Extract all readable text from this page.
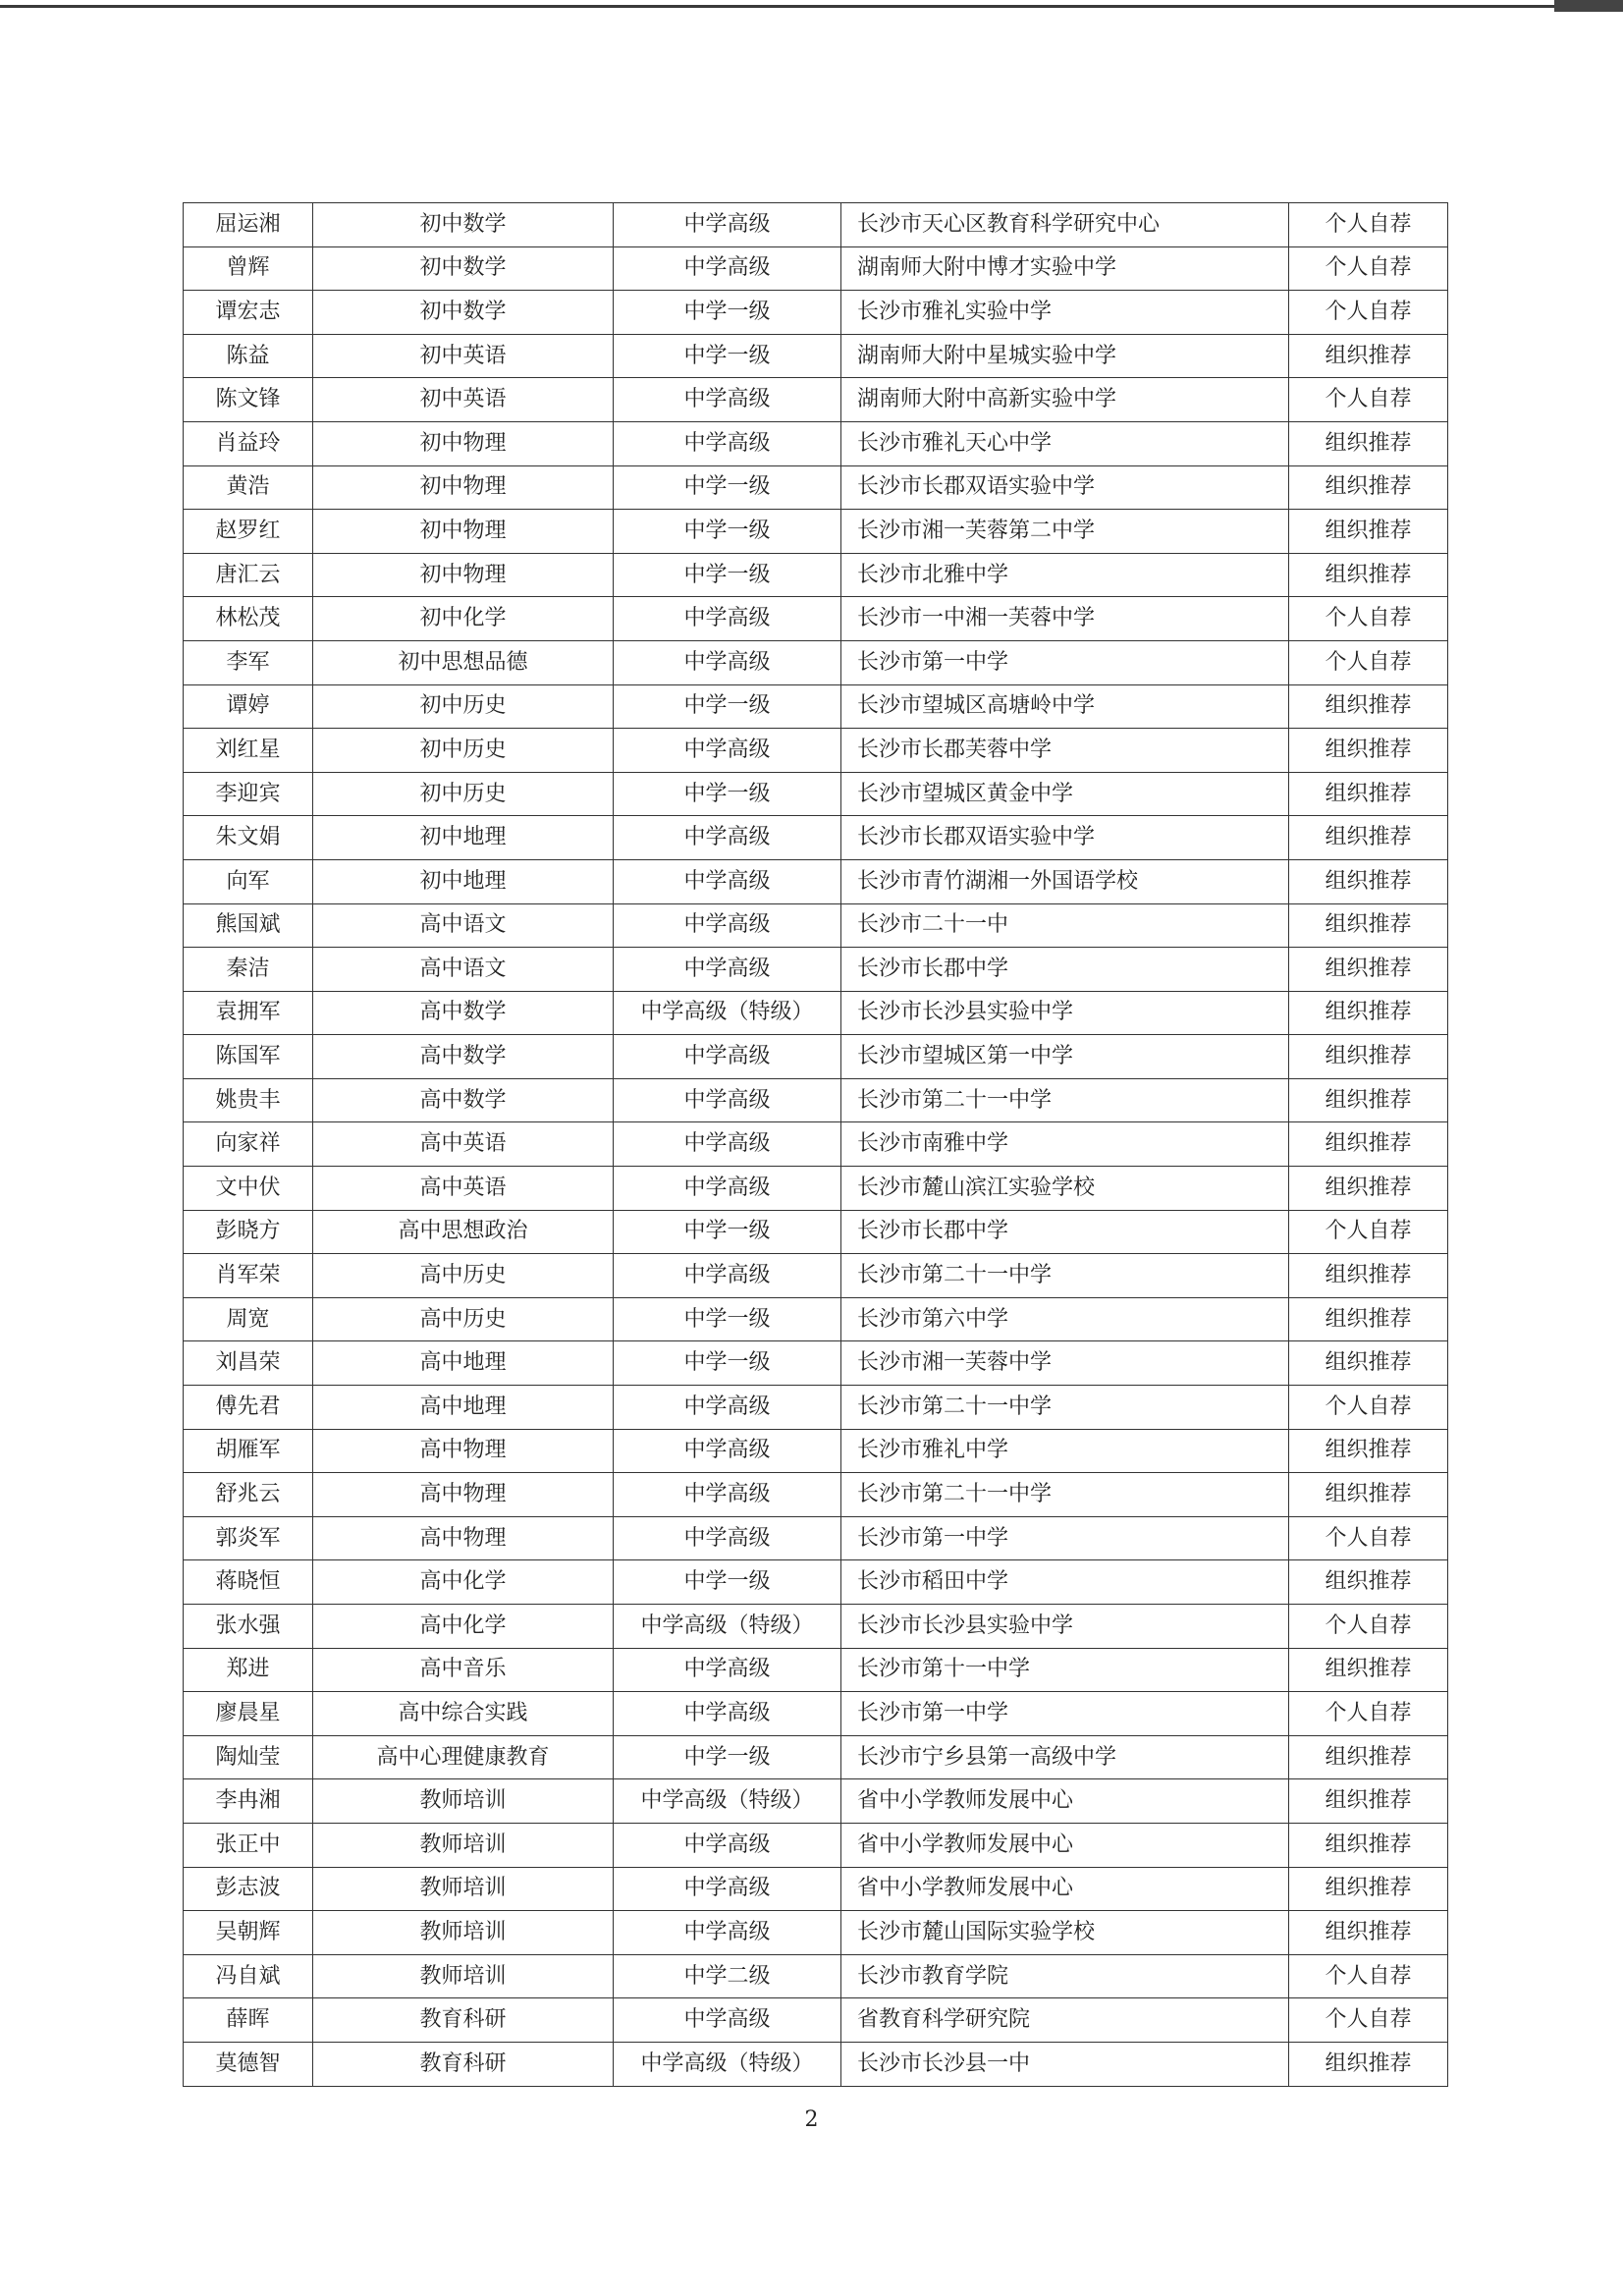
屈运湘	初中数学	中学高级	长沙市天心区教育科学研究中心	个人自荐
曾辉	初中数学	中学高级	湖南师大附中博才实验中学	个人自荐
谭宏志	初中数学	中学一级	长沙市雅礼实验中学	个人自荐
陈益	初中英语	中学一级	湖南师大附中星城实验中学	组织推荐
陈文锋	初中英语	中学高级	湖南师大附中高新实验中学	个人自荐
肖益玲	初中物理	中学高级	长沙市雅礼天心中学	组织推荐
黄浩	初中物理	中学一级	长沙市长郡双语实验中学	组织推荐
赵罗红	初中物理	中学一级	长沙市湘一芙蓉第二中学	组织推荐
唐汇云	初中物理	中学一级	长沙市北雅中学	组织推荐
林松茂	初中化学	中学高级	长沙市一中湘一芙蓉中学	个人自荐
李军	初中思想品德	中学高级	长沙市第一中学	个人自荐
谭婷	初中历史	中学一级	长沙市望城区高塘岭中学	组织推荐
刘红星	初中历史	中学高级	长沙市长郡芙蓉中学	组织推荐
李迎宾	初中历史	中学一级	长沙市望城区黄金中学	组织推荐
朱文娟	初中地理	中学高级	长沙市长郡双语实验中学	组织推荐
向军	初中地理	中学高级	长沙市青竹湖湘一外国语学校	组织推荐
熊国斌	高中语文	中学高级	长沙市二十一中	组织推荐
秦洁	高中语文	中学高级	长沙市长郡中学	组织推荐
袁拥军	高中数学	中学高级（特级）	长沙市长沙县实验中学	组织推荐
陈国军	高中数学	中学高级	长沙市望城区第一中学	组织推荐
姚贵丰	高中数学	中学高级	长沙市第二十一中学	组织推荐
向家祥	高中英语	中学高级	长沙市南雅中学	组织推荐
文中伏	高中英语	中学高级	长沙市麓山滨江实验学校	组织推荐
彭晓方	高中思想政治	中学一级	长沙市长郡中学	个人自荐
肖军荣	高中历史	中学高级	长沙市第二十一中学	组织推荐
周宽	高中历史	中学一级	长沙市第六中学	组织推荐
刘昌荣	高中地理	中学一级	长沙市湘一芙蓉中学	组织推荐
傅先君	高中地理	中学高级	长沙市第二十一中学	个人自荐
胡雁军	高中物理	中学高级	长沙市雅礼中学	组织推荐
舒兆云	高中物理	中学高级	长沙市第二十一中学	组织推荐
郭炎军	高中物理	中学高级	长沙市第一中学	个人自荐
蒋晓恒	高中化学	中学一级	长沙市稻田中学	组织推荐
张水强	高中化学	中学高级（特级）	长沙市长沙县实验中学	个人自荐
郑进	高中音乐	中学高级	长沙市第十一中学	组织推荐
廖晨星	高中综合实践	中学高级	长沙市第一中学	个人自荐
陶灿莹	高中心理健康教育	中学一级	长沙市宁乡县第一高级中学	组织推荐
李冉湘	教师培训	中学高级（特级）	省中小学教师发展中心	组织推荐
张正中	教师培训	中学高级	省中小学教师发展中心	组织推荐
彭志波	教师培训	中学高级	省中小学教师发展中心	组织推荐
吴朝辉	教师培训	中学高级	长沙市麓山国际实验学校	组织推荐
冯自斌	教师培训	中学二级	长沙市教育学院	个人自荐
薛晖	教育科研	中学高级	省教育科学研究院	个人自荐
莫德智	教育科研	中学高级（特级）	长沙市长沙县一中	组织推荐
2
